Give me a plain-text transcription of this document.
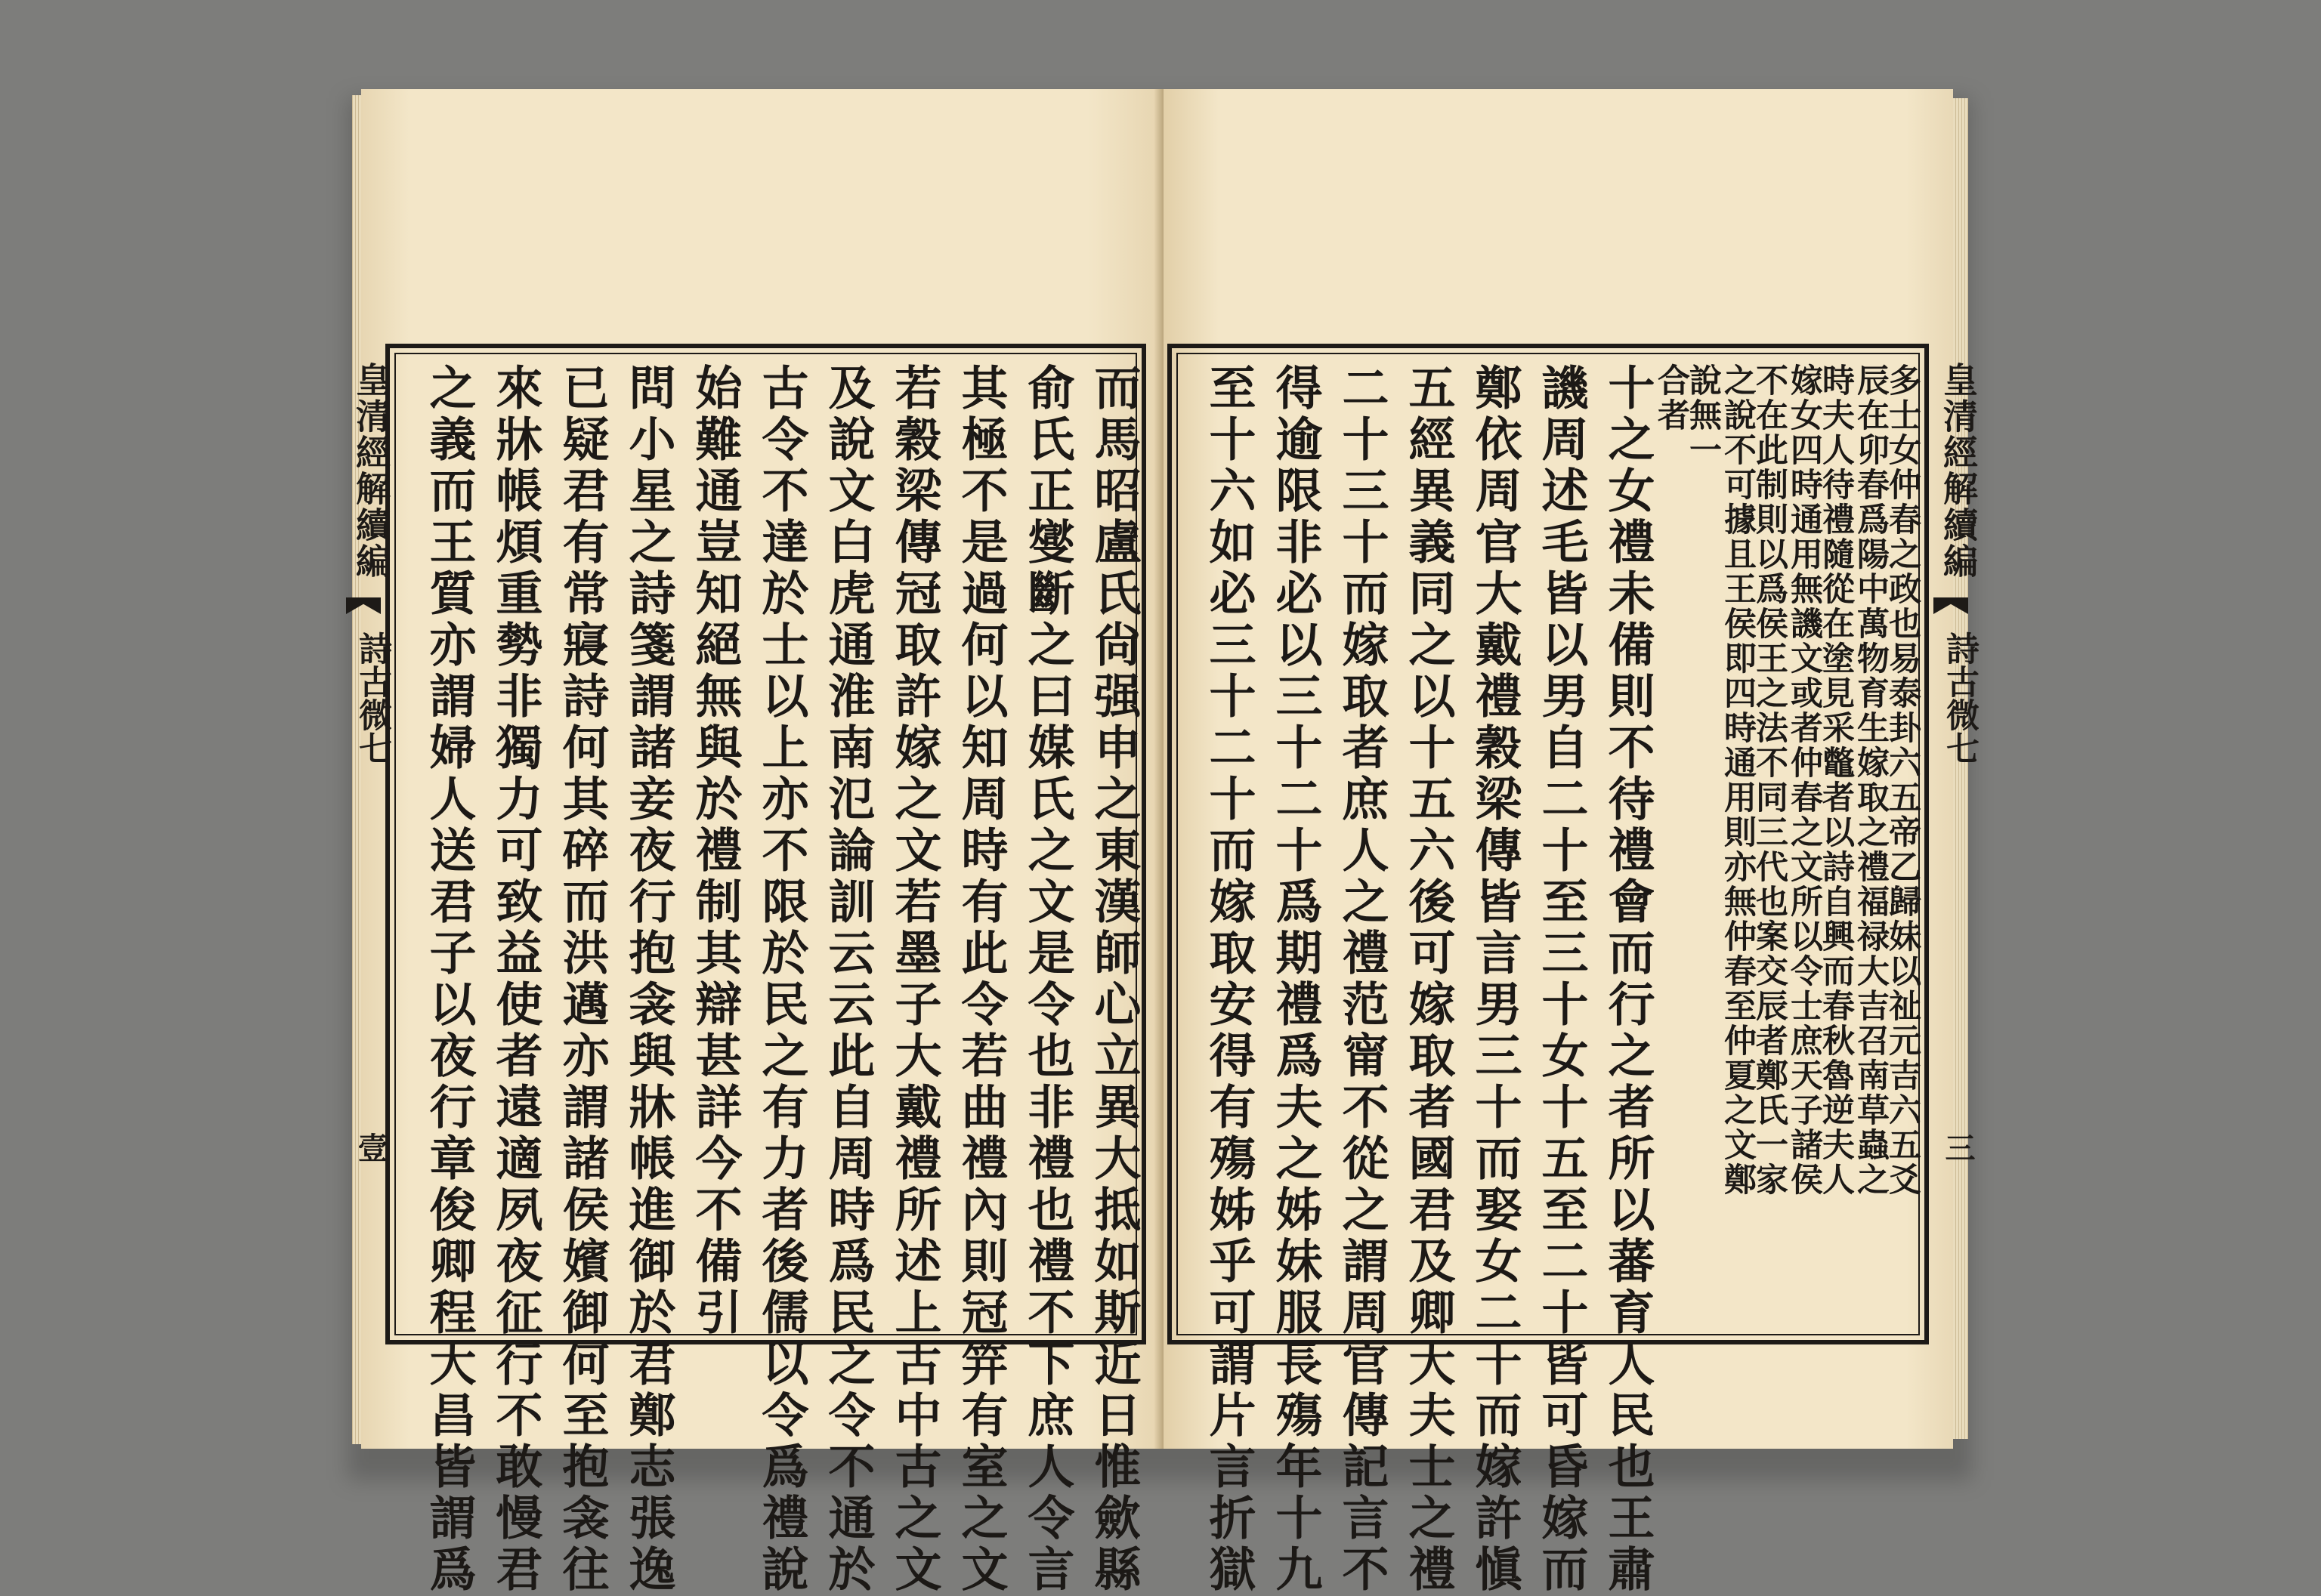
皇清經解續編
詩古微七
壹	而馬昭盧氏尙强申之東漢師心立異大抵如斯近日惟歛縣
俞氏正燮斷之曰媒氏之文是令也非禮也禮不下庶人令言
其極不是過何以知周時有此令若曲禮內則冠笄有室之文
若穀梁傳冠取許嫁之文若墨子大戴禮所述上古中古之文
及說文白虎通淮南氾論訓云云此自周時爲民之令不通於
古令不達於士以上亦不限於民之有力者後儒以令爲禮說
始難通豈知絕無與於禮制其辯甚詳今不備引
問小星之詩箋謂諸妾夜行抱衾與牀帳進御於君鄭志張逸
已疑君有常寢詩何其碎而洪邁亦謂諸侯嬪御何至抱衾往
來牀帳煩重勢非獨力可致益使者遠適夙夜征行不敢慢君
之義而王質亦謂婦人送君子以夜行章俊卿程大昌皆謂爲	多士女仲春之政也易泰卦六五帝乙歸妹以祉元吉六五爻
辰在卯春爲陽中萬物育生嫁取之禮福禄大吉召南草蟲之
時夫人待禮隨從在塗見采鼈者以詩自興而春秋魯逆夫人
嫁女四時通用無譏文或者仲春之文所以令士庶天子諸侯
不在此制則以爲侯王之法不同三代也案交辰者鄭氏一家
之說不可據且王侯即四時通用則亦無仲春至仲夏之文鄭
說無一
合者
十之女禮未備則不待禮會而行之者所以蕃育人民也王肅
譏周述毛皆以男自二十至三十女十五至二十皆可昏嫁而
鄭依周官大戴禮穀梁傳皆言男三十而娶女二十而嫁許愼
五經異義同之以十五六後可嫁取者國君及卿大夫士之禮
二十三十而嫁取者庶人之禮范甯不從之謂周官傳記言不
得逾限非必以三十二十爲期禮爲夫之姊妹服長殤年十九
至十六如必三十二十而嫁取安得有殤姊乎可謂片言折獄	皇清經解續編
詩古微七
三
